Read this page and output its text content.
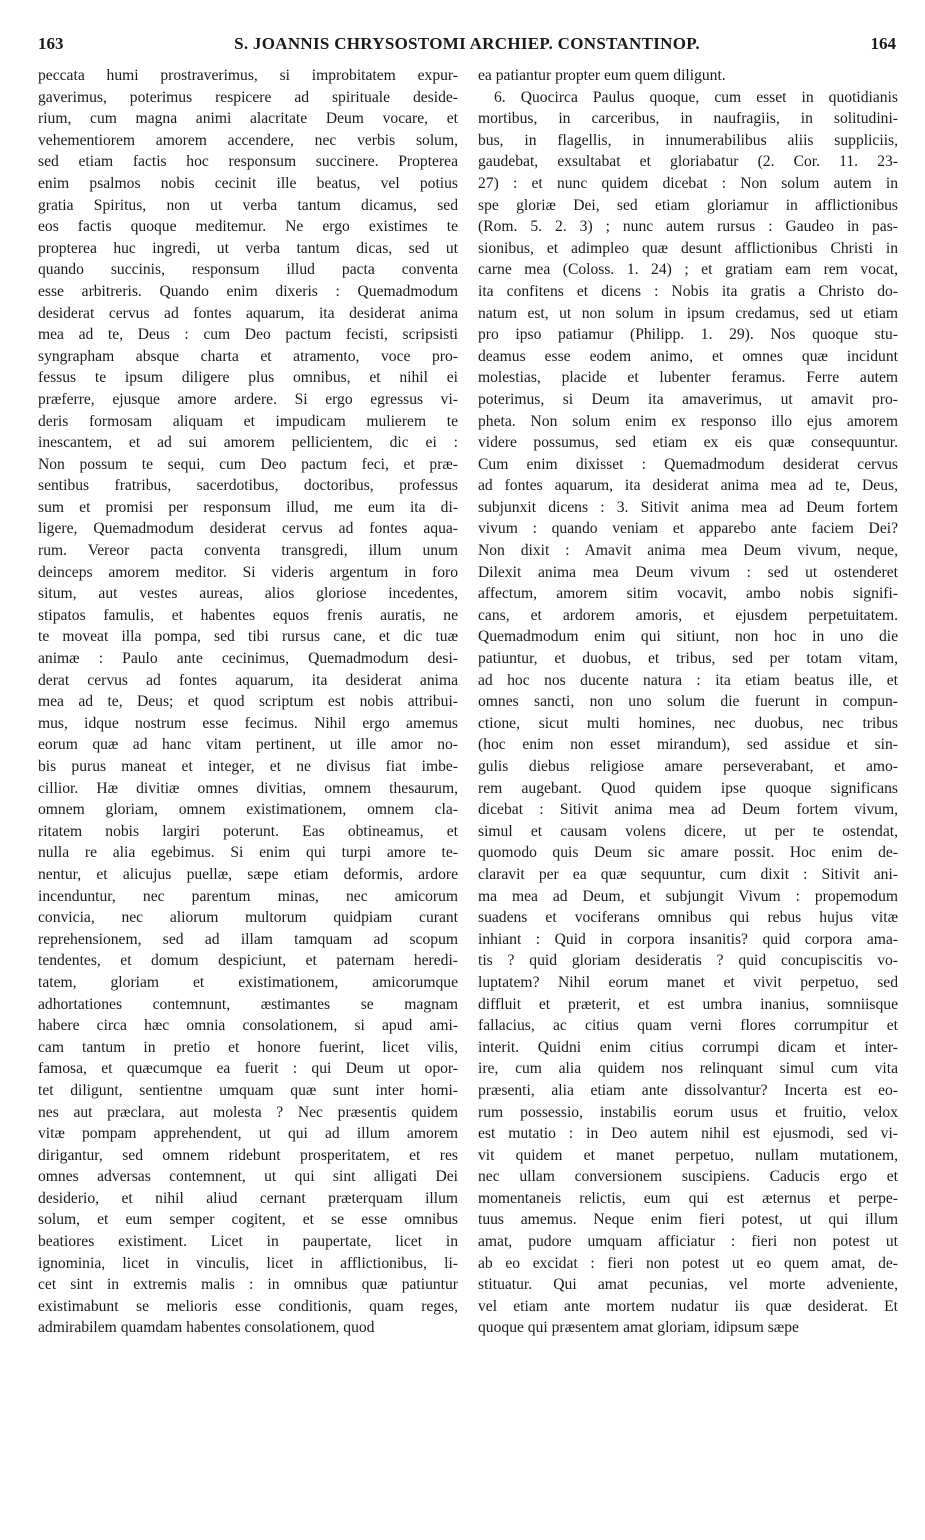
163	S. JOANNIS CHRYSOSTOMI ARCHIEP. CONSTANTINOP.	164
peccata humi prostraverimus, si improbitatem expur-
gaverimus, poterimus respicere ad spirituale deside-
rium, cum magna animi alacritate Deum vocare, et
vehementiorem amorem accendere, nec verbis solum,
sed etiam factis hoc responsum succinere. Propterea
enim psalmos nobis cecinit ille beatus, vel potius
gratia Spiritus, non ut verba tantum dicamus, sed
eos factis quoque meditemur. Ne ergo existimes te
propterea huc ingredi, ut verba tantum dicas, sed ut
quando succinis, responsum illud pacta conventa
esse arbitreris. Quando enim dixeris : Quemadmodum
desiderat cervus ad fontes aquarum, ita desiderat anima
mea ad te, Deus : cum Deo pactum fecisti, scripsisti
syngrapham absque charta et atramento, voce pro-
fessus te ipsum diligere plus omnibus, et nihil ei
præferre, ejusque amore ardere. Si ergo egressus vi-
deris formosam aliquam et impudicam mulierem te
inescantem, et ad sui amorem pellicientem, dic ei :
Non possum te sequi, cum Deo pactum feci, et præ-
sentibus fratribus, sacerdotibus, doctoribus, professus
sum et promisi per responsum illud, me eum ita di-
ligere, Quemadmodum desiderat cervus ad fontes aqua-
rum. Vereor pacta conventa transgredi, illum unum
deinceps amorem meditor. Si videris argentum in foro
situm, aut vestes aureas, alios gloriose incedentes,
stipatos famulis, et habentes equos frenis auratis, ne
te moveat illa pompa, sed tibi rursus cane, et dic tuæ
animæ : Paulo ante cecinimus, Quemadmodum desi-
derat cervus ad fontes aquarum, ita desiderat anima
mea ad te, Deus; et quod scriptum est nobis attribui-
mus, idque nostrum esse fecimus. Nihil ergo amemus
eorum quæ ad hanc vitam pertinent, ut ille amor no-
bis purus maneat et integer, et ne divisus fiat imbe-
cillior. Hæ divitiæ omnes divitias, omnem thesaurum,
omnem gloriam, omnem existimationem, omnem cla-
ritatem nobis largiri poterunt. Eas obtineamus, et
nulla re alia egebimus. Si enim qui turpi amore te-
nentur, et alicujus puellæ, sæpe etiam deformis, ardore
incenduntur, nec parentum minas, nec amicorum
convicia, nec aliorum multorum quidpiam curant
reprehensionem, sed ad illam tamquam ad scopum
tendentes, et domum despiciunt, et paternam heredi-
tatem, gloriam et existimationem, amicorumque
adhortationes contemnunt, æstimantes se magnam
habere circa hæc omnia consolationem, si apud ami-
cam tantum in pretio et honore fuerint, licet vilis,
famosa, et quæcumque ea fuerit : qui Deum ut opor-
tet diligunt, sentientne umquam quæ sunt inter homi-
nes aut præclara, aut molesta ? Nec præsentis quidem
vitæ pompam apprehendent, ut qui ad illum amorem
dirigantur, sed omnem ridebunt prosperitatem, et res
omnes adversas contemnent, ut qui sint alligati Dei
desiderio, et nihil aliud cernant præterquam illum
solum, et eum semper cogitent, et se esse omnibus
beatiores existiment. Licet in paupertate, licet in
ignominia, licet in vinculis, licet in afflictionibus, li-
cet sint in extremis malis : in omnibus quæ patiuntur
existimabunt se melioris esse conditionis, quam reges,
admirabilem quamdam habentes consolationem, quod
ea patiantur propter eum quem diligunt.
6. Quocirca Paulus quoque, cum esset in quotidianis
mortibus, in carceribus, in naufragiis, in solitudini-
bus, in flagellis, in innumerabilibus aliis suppliciis,
gaudebat, exsultabat et gloriabatur (2. Cor. 11. 23-
27) : et nunc quidem dicebat : Non solum autem in
spe gloriæ Dei, sed etiam gloriamur in afflictionibus
(Rom. 5. 2. 3) ; nunc autem rursus : Gaudeo in pas-
sionibus, et adimpleo quæ desunt afflictionibus Christi in
carne mea (Coloss. 1. 24) ; et gratiam eam rem vocat,
ita confitens et dicens : Nobis ita gratis a Christo do-
natum est, ut non solum in ipsum credamus, sed ut etiam
pro ipso patiamur (Philipp. 1. 29). Nos quoque stu-
deamus esse eodem animo, et omnes quæ incidunt
molestias, placide et lubenter feramus. Ferre autem
poterimus, si Deum ita amaverimus, ut amavit pro-
pheta. Non solum enim ex responso illo ejus amorem
videre possumus, sed etiam ex eis quæ consequuntur.
Cum enim dixisset : Quemadmodum desiderat cervus
ad fontes aquarum, ita desiderat anima mea ad te, Deus,
subjunxit dicens : 3. Sitivit anima mea ad Deum fortem
vivum : quando veniam et apparebo ante faciem Dei?
Non dixit : Amavit anima mea Deum vivum, neque,
Dilexit anima mea Deum vivum : sed ut ostenderet
affectum, amorem sitim vocavit, ambo nobis signifi-
cans, et ardorem amoris, et ejusdem perpetuitatem.
Quemadmodum enim qui sitiunt, non hoc in uno die
patiuntur, et duobus, et tribus, sed per totam vitam,
ad hoc nos ducente natura : ita etiam beatus ille, et
omnes sancti, non uno solum die fuerunt in compun-
ctione, sicut multi homines, nec duobus, nec tribus
(hoc enim non esset mirandum), sed assidue et sin-
gulis diebus religiose amare perseverabant, et amo-
rem augebant. Quod quidem ipse quoque significans
dicebat : Sitivit anima mea ad Deum fortem vivum,
simul et causam volens dicere, ut per te ostendat,
quomodo quis Deum sic amare possit. Hoc enim de-
claravit per ea quæ sequuntur, cum dixit : Sitivit ani-
ma mea ad Deum, et subjungit Vivum : propemodum
suadens et vociferans omnibus qui rebus hujus vitæ
inhiant : Quid in corpora insanitis? quid corpora ama-
tis ? quid gloriam desideratis ? quid concupiscitis vo-
luptatem? Nihil eorum manet et vivit perpetuo, sed
diffluit et præterit, et est umbra inanius, somniisque
fallacius, ac citius quam verni flores corrumpitur et
interit. Quidni enim citius corrumpi dicam et inter-
ire, cum alia quidem nos relinquant simul cum vita
præsenti, alia etiam ante dissolvantur? Incerta est eo-
rum possessio, instabilis eorum usus et fruitio, velox
est mutatio : in Deo autem nihil est ejusmodi, sed vi-
vit quidem et manet perpetuo, nullam mutationem,
nec ullam conversionem suscipiens. Caducis ergo et
momentaneis relictis, eum qui est æternus et perpe-
tuus amemus. Neque enim fieri potest, ut qui illum
amat, pudore umquam afficiatur : fieri non potest ut
ab eo excidat : fieri non potest ut eo quem amat, de-
stituatur. Qui amat pecunias, vel morte adveniente,
vel etiam ante mortem nudatur iis quæ desiderat. Et
quoque qui præsentem amat gloriam, idipsum sæpe
